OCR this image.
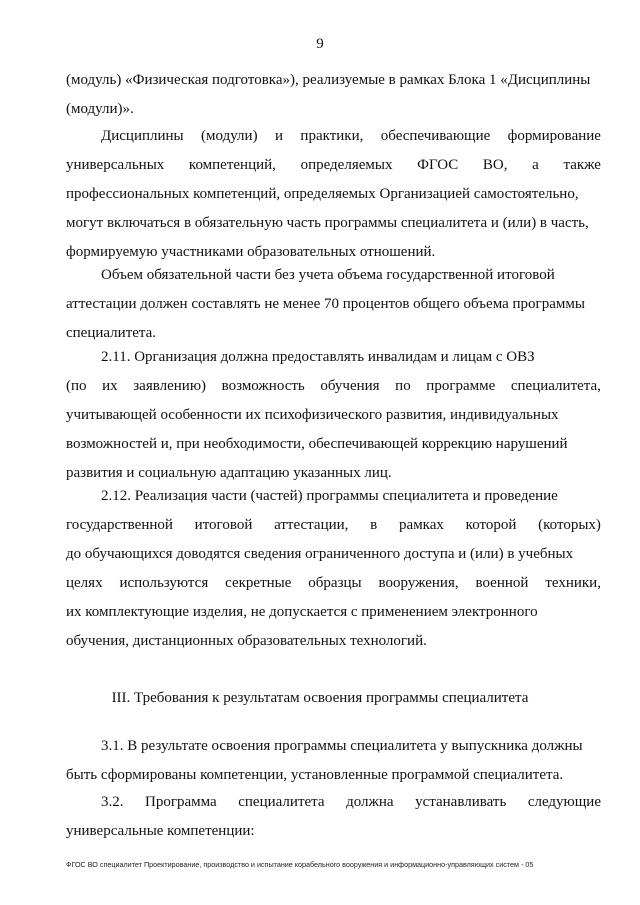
9
(модуль) «Физическая подготовка»), реализуемые в рамках Блока 1 «Дисциплины
(модули)».
Дисциплины (модули) и практики, обеспечивающие формирование
универсальных компетенций, определяемых ФГОС ВО, а также
профессиональных компетенций, определяемых Организацией самостоятельно,
могут включаться в обязательную часть программы специалитета и (или) в часть,
формируемую участниками образовательных отношений.
Объем обязательной части без учета объема государственной итоговой
аттестации должен составлять не менее 70 процентов общего объема программы
специалитета.
2.11. Организация должна предоставлять инвалидам и лицам с ОВЗ
(по их заявлению) возможность обучения по программе специалитета,
учитывающей особенности их психофизического развития, индивидуальных
возможностей и, при необходимости, обеспечивающей коррекцию нарушений
развития и социальную адаптацию указанных лиц.
2.12. Реализация части (частей) программы специалитета и проведение
государственной итоговой аттестации, в рамках которой (которых)
до обучающихся доводятся сведения ограниченного доступа и (или) в учебных
целях используются секретные образцы вооружения, военной техники,
их комплектующие изделия, не допускается с применением электронного
обучения, дистанционных образовательных технологий.
III. Требования к результатам освоения программы специалитета
3.1. В результате освоения программы специалитета у выпускника должны
быть сформированы компетенции, установленные программой специалитета.
3.2. Программа специалитета должна устанавливать следующие
универсальные компетенции:
ФГОС ВО специалитет Проектирование, производство и испытание корабельного вооружения и информационно-управляющих систем - 05
